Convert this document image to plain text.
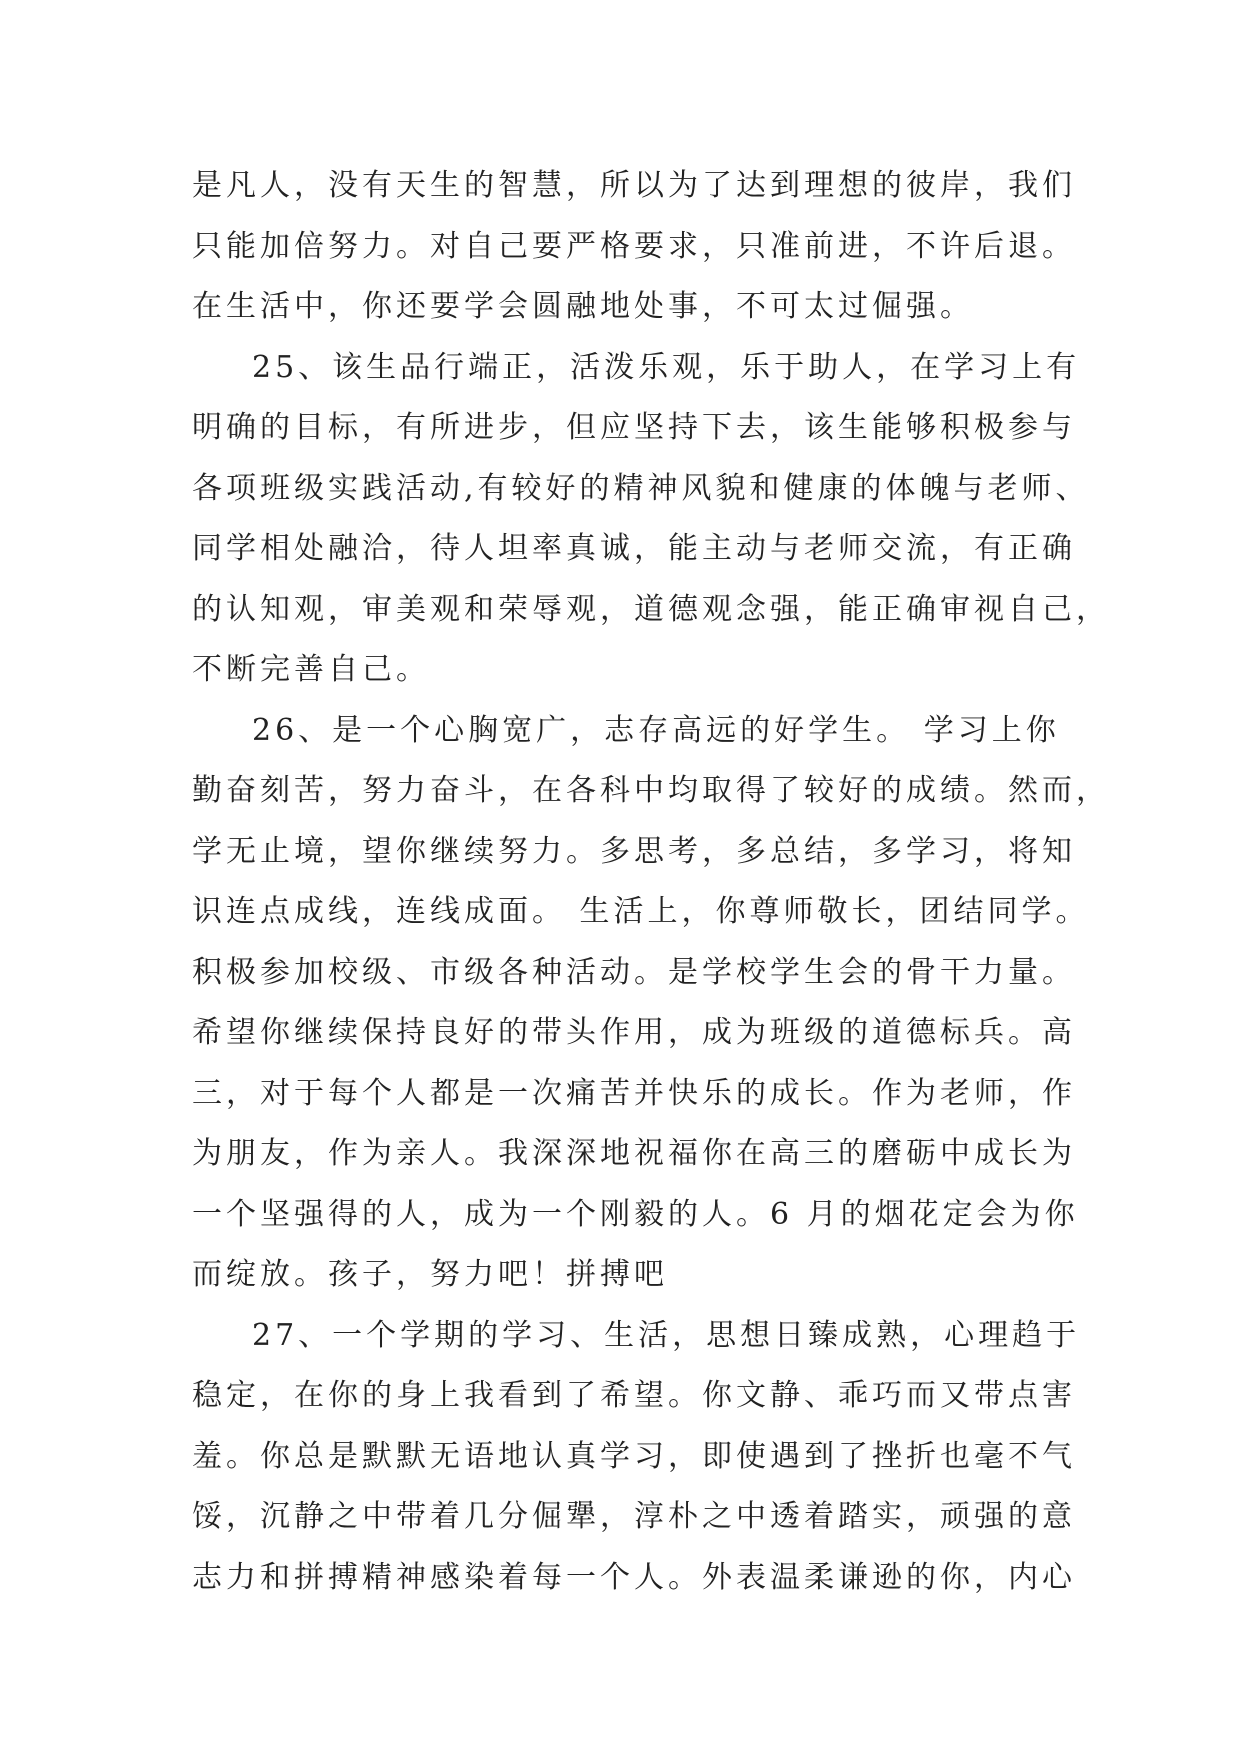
是凡人，没有天生的智慧，所以为了达到理想的彼岸，我们
只能加倍努力。对自己要严格要求，只准前进，不许后退。
在生活中，你还要学会圆融地处事，不可太过倔强。
25、该生品行端正，活泼乐观，乐于助人，在学习上有
明确的目标，有所进步，但应坚持下去，该生能够积极参与
各项班级实践活动,有较好的精神风貌和健康的体魄与老师、
同学相处融洽，待人坦率真诚，能主动与老师交流，有正确
的认知观，审美观和荣辱观，道德观念强，能正确审视自己，
不断完善自己。
26、是一个心胸宽广，志存高远的好学生。 学习上你
勤奋刻苦，努力奋斗，在各科中均取得了较好的成绩。然而，
学无止境，望你继续努力。多思考，多总结，多学习，将知
识连点成线，连线成面。 生活上，你尊师敬长，团结同学。
积极参加校级、市级各种活动。是学校学生会的骨干力量。
希望你继续保持良好的带头作用，成为班级的道德标兵。高
三，对于每个人都是一次痛苦并快乐的成长。作为老师，作
为朋友，作为亲人。我深深地祝福你在高三的磨砺中成长为
一个坚强得的人，成为一个刚毅的人。6 月的烟花定会为你
而绽放。孩子，努力吧！拼搏吧
27、一个学期的学习、生活，思想日臻成熟，心理趋于
稳定，在你的身上我看到了希望。你文静、乖巧而又带点害
羞。你总是默默无语地认真学习，即使遇到了挫折也毫不气
馁，沉静之中带着几分倔犟，淳朴之中透着踏实，顽强的意
志力和拼搏精神感染着每一个人。外表温柔谦逊的你，内心
